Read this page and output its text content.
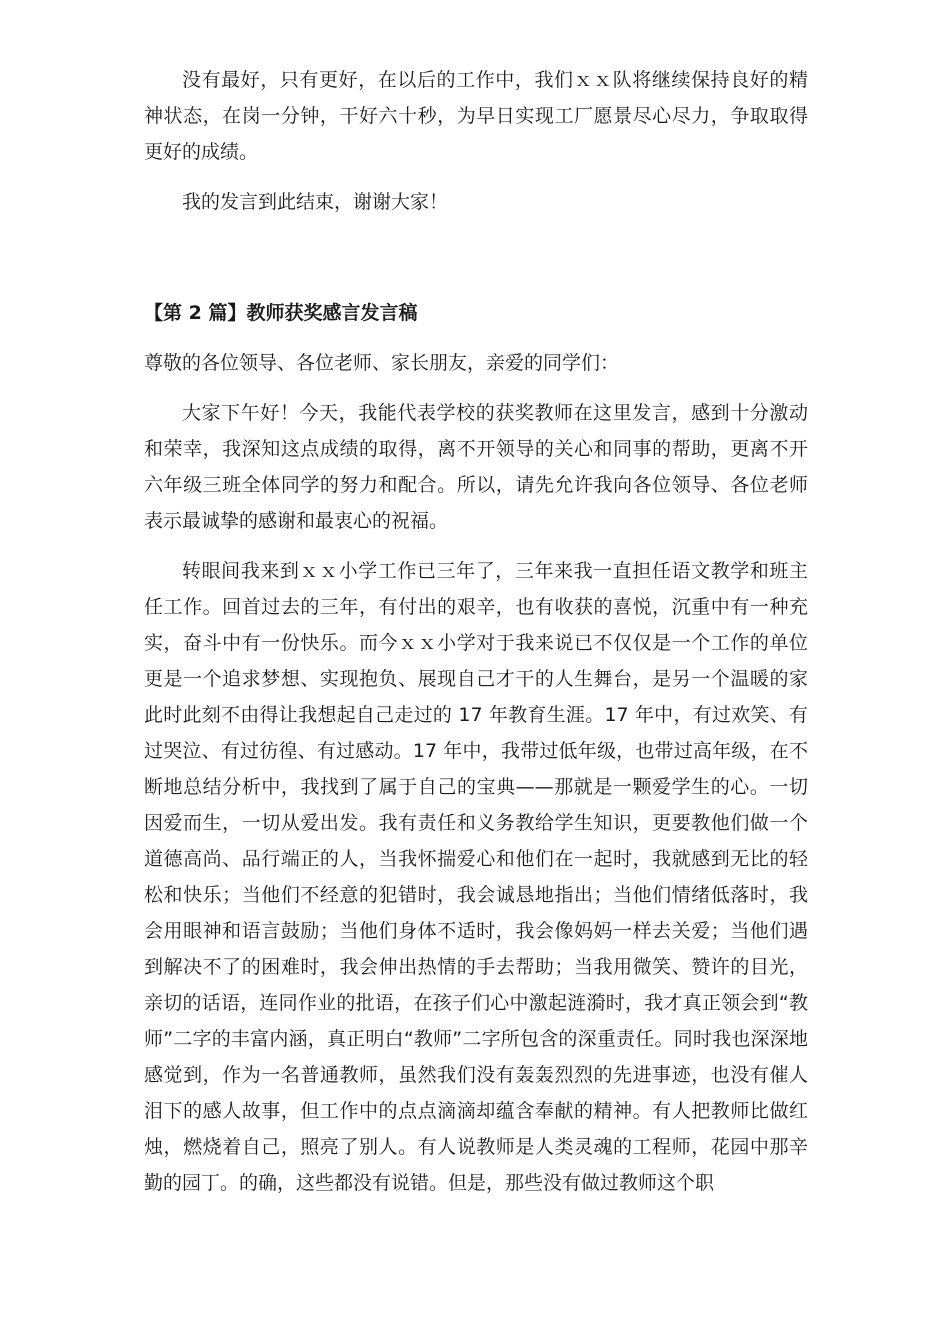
没有最好，只有更好，在以后的工作中，我们ｘｘ队将继续保持良好的精神状态，在岗一分钟，干好六十秒，为早日实现工厂愿景尽心尽力，争取取得更好的成绩。

我的发言到此结束，谢谢大家！

【第 2 篇】教师获奖感言发言稿

尊敬的各位领导、各位老师、家长朋友，亲爱的同学们：

大家下午好！今天，我能代表学校的获奖教师在这里发言，感到十分激动和荣幸，我深知这点成绩的取得，离不开领导的关心和同事的帮助，更离不开六年级三班全体同学的努力和配合。所以，请先允许我向各位领导、各位老师表示最诚挚的感谢和最衷心的祝福。

转眼间我来到ｘｘ小学工作已三年了，三年来我一直担任语文教学和班主任工作。回首过去的三年，有付出的艰辛，也有收获的喜悦，沉重中有一种充实，奋斗中有一份快乐。而今ｘｘ小学对于我来说已不仅仅是一个工作的单位更是一个追求梦想、实现抱负、展现自己才干的人生舞台，是另一个温暖的家此时此刻不由得让我想起自己走过的 17 年教育生涯。17 年中，有过欢笑、有过哭泣、有过彷徨、有过感动。17 年中，我带过低年级，也带过高年级，在不断地总结分析中，我找到了属于自己的宝典——那就是一颗爱学生的心。一切因爱而生，一切从爱出发。我有责任和义务教给学生知识，更要教他们做一个道德高尚、品行端正的人，当我怀揣爱心和他们在一起时，我就感到无比的轻松和快乐；当他们不经意的犯错时，我会诚恳地指出；当他们情绪低落时，我会用眼神和语言鼓励；当他们身体不适时，我会像妈妈一样去关爱；当他们遇到解决不了的困难时，我会伸出热情的手去帮助；当我用微笑、赞许的目光，亲切的话语，连同作业的批语，在孩子们心中激起涟漪时，我才真正领会到“教师”二字的丰富内涵，真正明白“教师”二字所包含的深重责任。同时我也深深地感觉到，作为一名普通教师，虽然我们没有轰轰烈烈的先进事迹，也没有催人泪下的感人故事，但工作中的点点滴滴却蕴含奉献的精神。有人把教师比做红烛，燃烧着自己，照亮了别人。有人说教师是人类灵魂的工程师，花园中那辛勤的园丁。的确，这些都没有说错。但是，那些没有做过教师这个职
